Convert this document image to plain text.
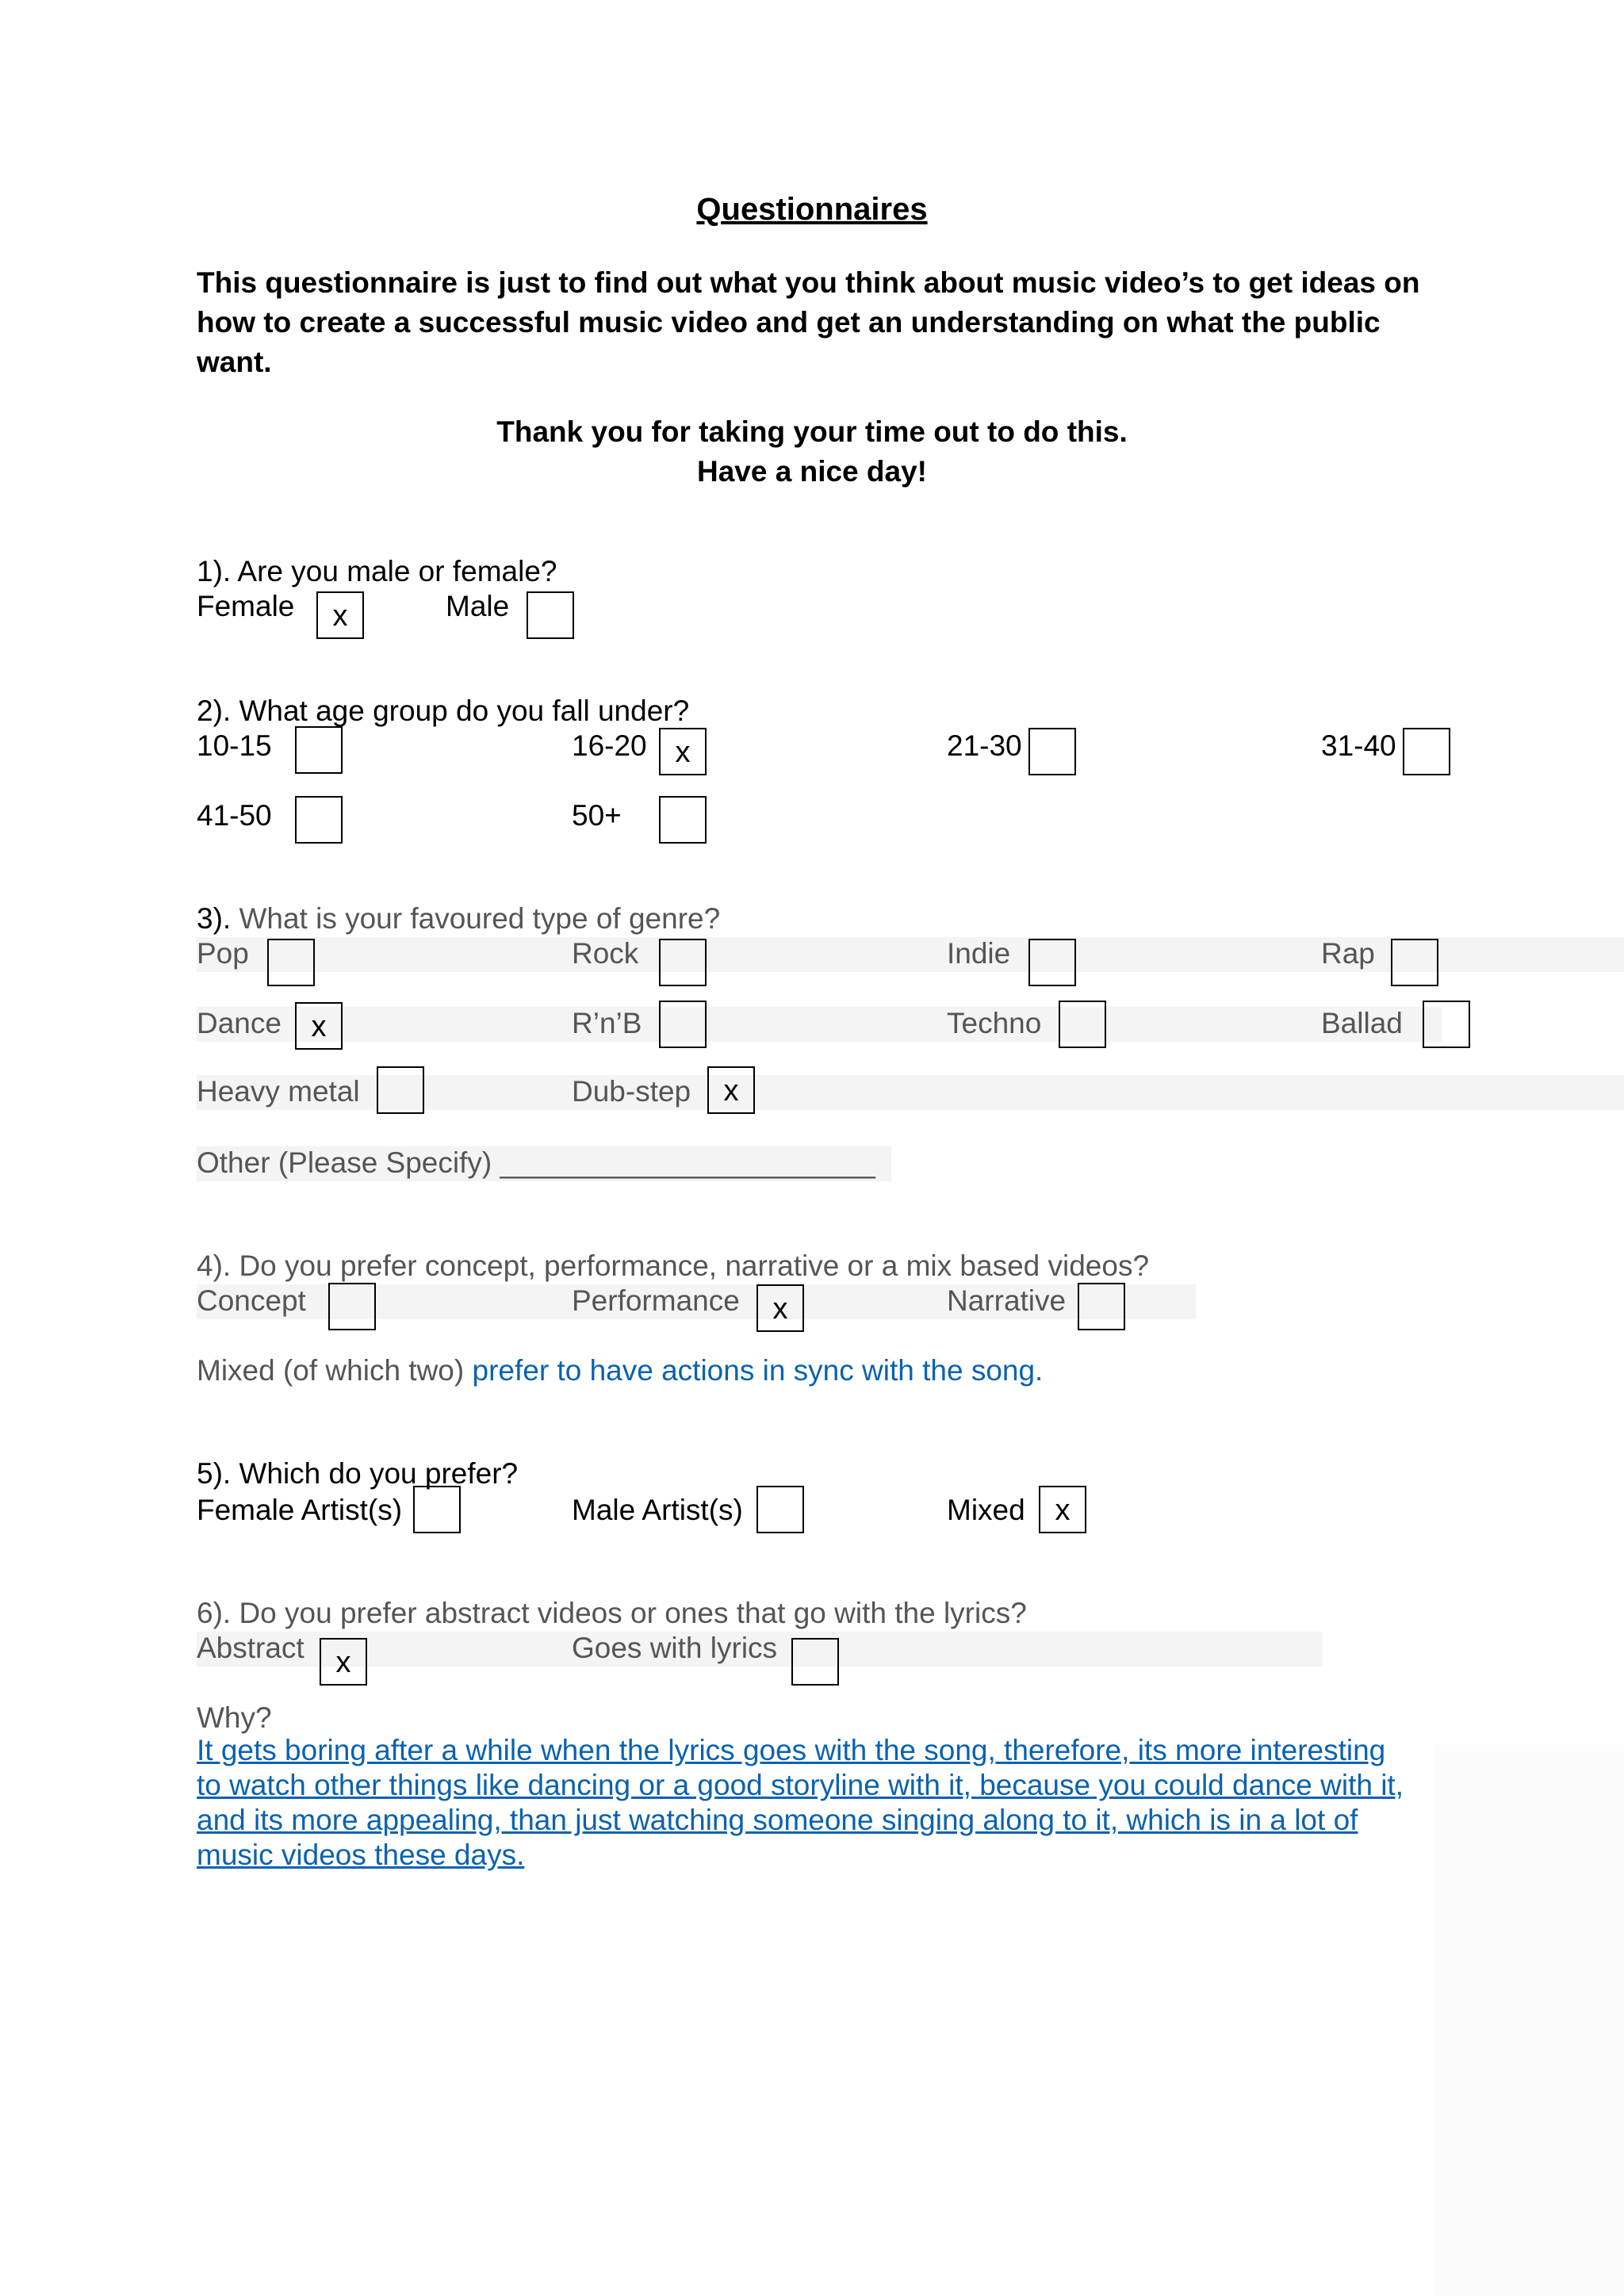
Questionnaires
This questionnaire is just to find out what you think about music video’s to get ideas on how to create a successful music video and get an understanding on what the public want.
Thank you for taking your time out to do this.
Have a nice day!
1). Are you male or female?
Female	x	Male
2). What age group do you fall under?
10-15	16-20 x	21-30	31-40
41-50	50+
3). What is your favoured type of genre?
Pop	Rock	Indie	Rap
Dance x	R’n’B	Techno	Ballad
Heavy metal	Dub-step	x
Other (Please Specify) _______________________
4). Do you prefer concept, performance, narrative or a mix based videos?
Concept	Performance	x	Narrative
Mixed (of which two) prefer to have actions in sync with the song.
5). Which do you prefer?
Female Artist(s)	Male Artist(s)	Mixed x
6). Do you prefer abstract videos or ones that go with the lyrics?
Abstract	x	Goes with lyrics
Why?
It gets boring after a while when the lyrics goes with the song, therefore, its more interesting to watch other things like dancing or a good storyline with it, because you could dance with it, and its more appealing, than just watching someone singing along to it, which is in a lot of music videos these days.
